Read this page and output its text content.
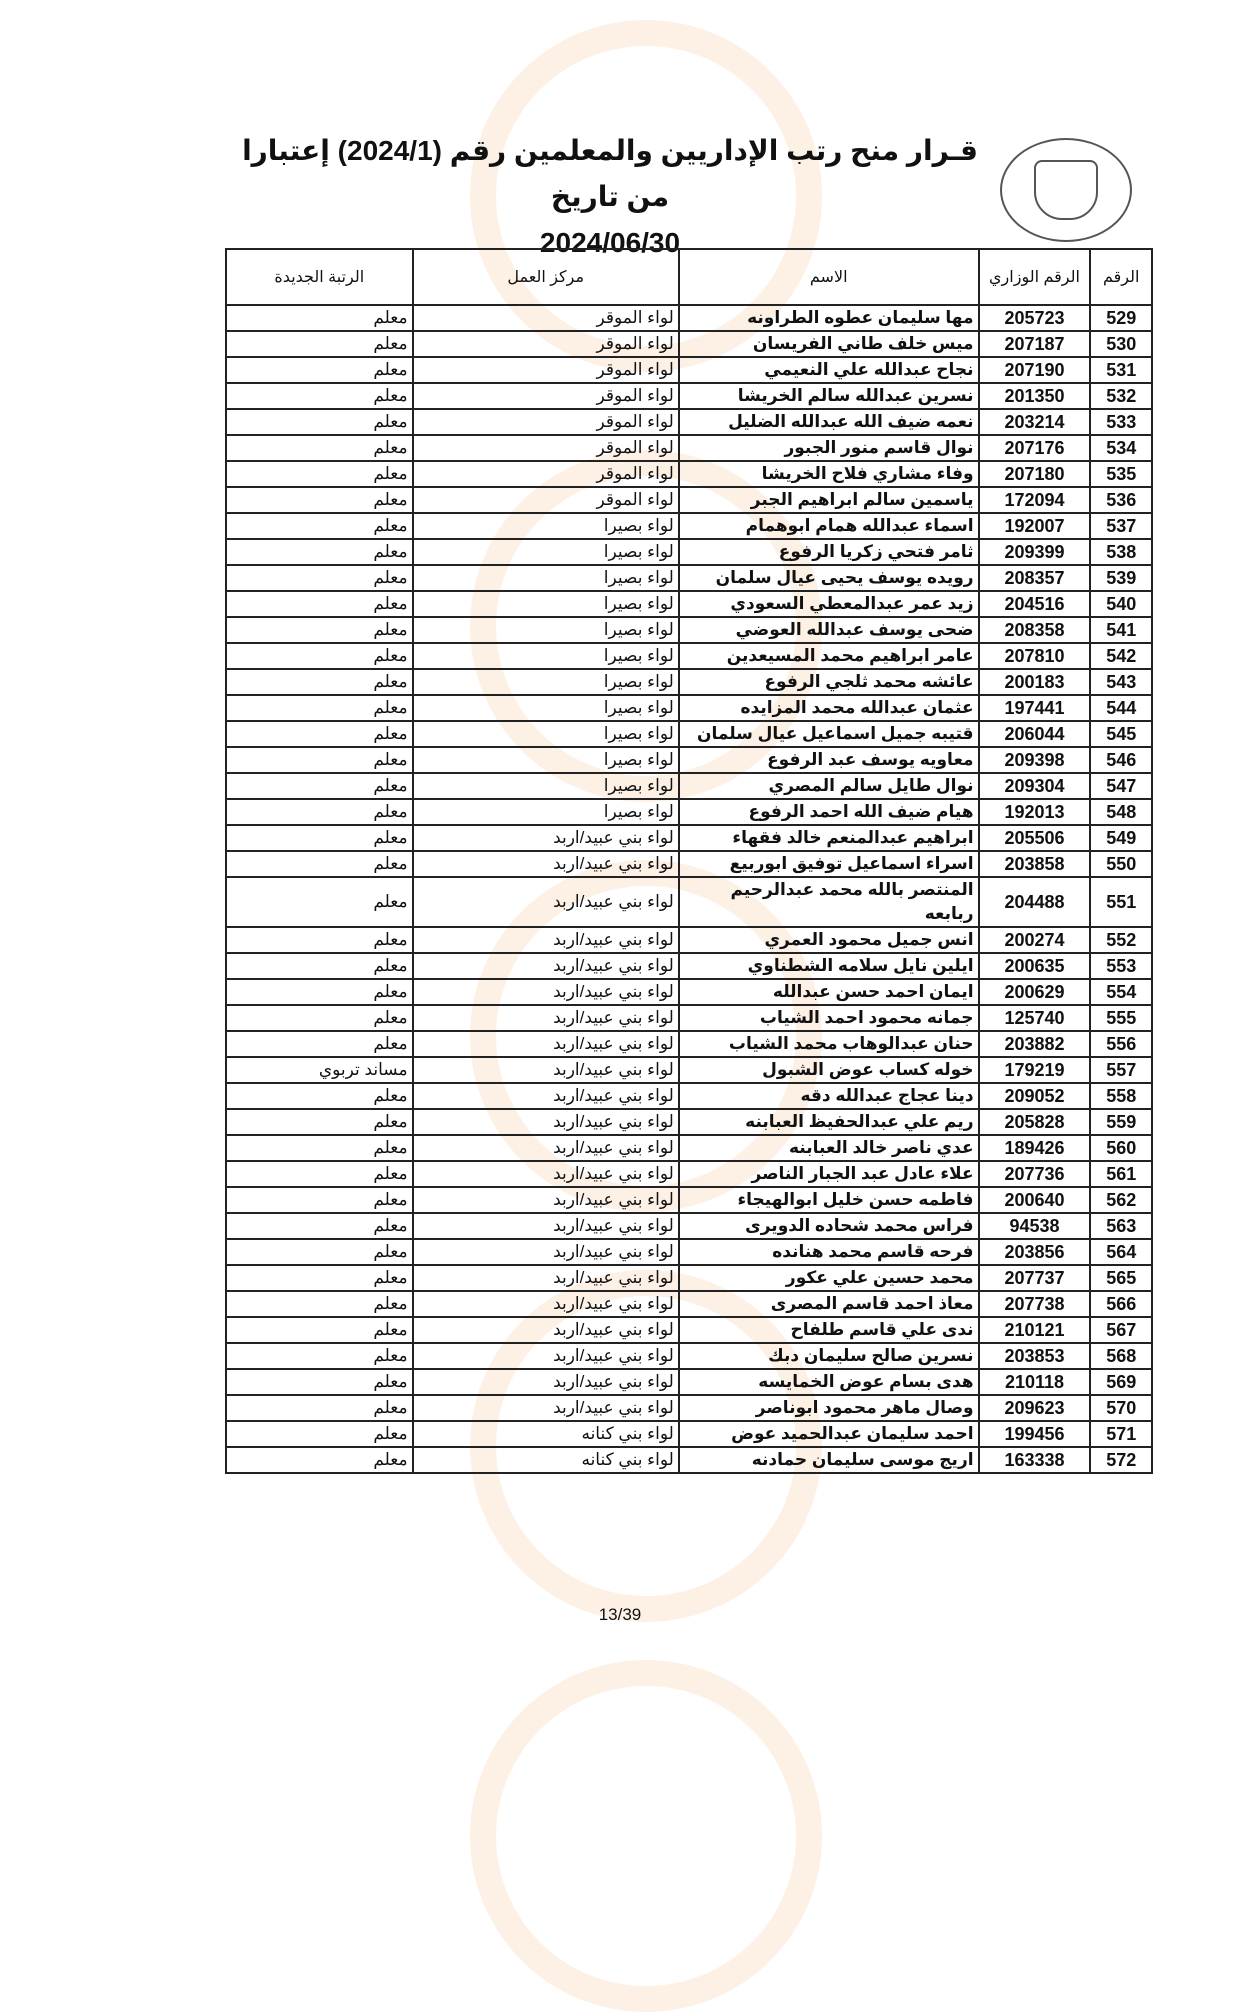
قـرار منح رتب الإداريين والمعلمين رقم (2024/1) إعتبارا من تاريخ
2024/06/30
الرقم	الرقم الوزاري	الاسم	مركز العمل	الرتبة الجديدة
529	205723	مها سليمان عطوه الطراونه	لواء الموقر	معلم
530	207187	ميس خلف طاني الفريسان	لواء الموقر	معلم
531	207190	نجاح عبدالله علي النعيمي	لواء الموقر	معلم
532	201350	نسرين عبدالله سالم الخريشا	لواء الموقر	معلم
533	203214	نعمه ضيف الله عبدالله الضليل	لواء الموقر	معلم
534	207176	نوال قاسم منور الجبور	لواء الموقر	معلم
535	207180	وفاء مشاري فلاح الخريشا	لواء الموقر	معلم
536	172094	ياسمين سالم ابراهيم الجبر	لواء الموقر	معلم
537	192007	اسماء عبدالله همام ابوهمام	لواء بصيرا	معلم
538	209399	ثامر فتحي زكريا الرفوع	لواء بصيرا	معلم
539	208357	رويده يوسف يحيى عيال سلمان	لواء بصيرا	معلم
540	204516	زيد عمر عبدالمعطي السعودي	لواء بصيرا	معلم
541	208358	ضحى يوسف عبدالله العوضي	لواء بصيرا	معلم
542	207810	عامر ابراهيم محمد المسيعدين	لواء بصيرا	معلم
543	200183	عائشه محمد ثلجي الرفوع	لواء بصيرا	معلم
544	197441	عثمان عبدالله محمد المزايده	لواء بصيرا	معلم
545	206044	قتيبه جميل اسماعيل عيال سلمان	لواء بصيرا	معلم
546	209398	معاويه يوسف عبد الرفوع	لواء بصيرا	معلم
547	209304	نوال طايل سالم المصري	لواء بصيرا	معلم
548	192013	هيام ضيف الله احمد الرفوع	لواء بصيرا	معلم
549	205506	ابراهيم عبدالمنعم خالد فقهاء	لواء بني عبيد/اربد	معلم
550	203858	اسراء اسماعيل توفيق ابوربيع	لواء بني عبيد/اربد	معلم
551	204488	المنتصر بالله محمد عبدالرحيم ربابعه	لواء بني عبيد/اربد	معلم
552	200274	انس جميل محمود العمري	لواء بني عبيد/اربد	معلم
553	200635	ايلين نايل سلامه الشطناوي	لواء بني عبيد/اربد	معلم
554	200629	ايمان احمد حسن عبدالله	لواء بني عبيد/اربد	معلم
555	125740	جمانه محمود احمد الشياب	لواء بني عبيد/اربد	معلم
556	203882	حنان عبدالوهاب محمد الشياب	لواء بني عبيد/اربد	معلم
557	179219	خوله كساب عوض الشبول	لواء بني عبيد/اربد	مساند تربوي
558	209052	دينا عجاج عبدالله دقه	لواء بني عبيد/اربد	معلم
559	205828	ريم علي عبدالحفيظ العبابنه	لواء بني عبيد/اربد	معلم
560	189426	عدي ناصر خالد العبابنه	لواء بني عبيد/اربد	معلم
561	207736	علاء عادل عبد الجبار الناصر	لواء بني عبيد/اربد	معلم
562	200640	فاطمه حسن خليل ابوالهيجاء	لواء بني عبيد/اربد	معلم
563	94538	فراس محمد شحاده الدويرى	لواء بني عبيد/اربد	معلم
564	203856	فرحه قاسم محمد هنانده	لواء بني عبيد/اربد	معلم
565	207737	محمد حسين علي عكور	لواء بني عبيد/اربد	معلم
566	207738	معاذ احمد قاسم المصرى	لواء بني عبيد/اربد	معلم
567	210121	ندى علي قاسم طلفاح	لواء بني عبيد/اربد	معلم
568	203853	نسرين صالح سليمان دبك	لواء بني عبيد/اربد	معلم
569	210118	هدى بسام عوض الخمايسه	لواء بني عبيد/اربد	معلم
570	209623	وصال ماهر محمود ابوناصر	لواء بني عبيد/اربد	معلم
571	199456	احمد سليمان عبدالحميد عوض	لواء بني كنانه	معلم
572	163338	اريج موسى سليمان حمادنه	لواء بني كنانه	معلم
13/39
